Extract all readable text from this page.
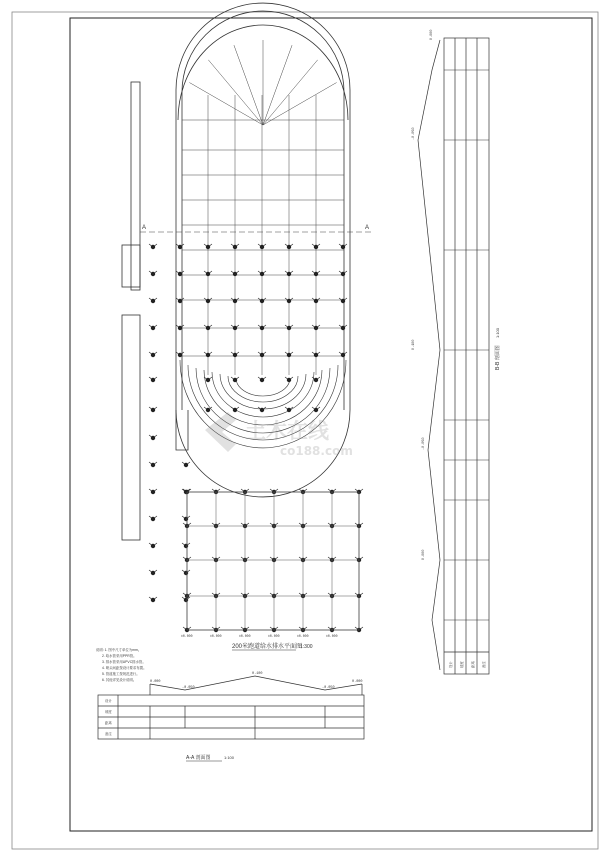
A	A
±0.000	±0.000	±0.000	±0.000	±0.000	±0.000
200米跑道给水排水平面图
1:300
说明: 1. 图中尺寸单位为mm。
2. 给水管采用PPR管。
3. 排水管采用UPVC排水管。
4. 喷头间距按设计要求布置。
5. 管道施工按规范进行。
6. 其他详见设计说明。	0.000
-0.050
0.100
-0.050
0.000
设计
坡度
距离
备注
A-A 剖面图	1:100
0.000
-0.050
0.100
-0.050
0.000
设计 坡度 距离 备注
B-B 剖面图
1:100
土木在线
co188.com
